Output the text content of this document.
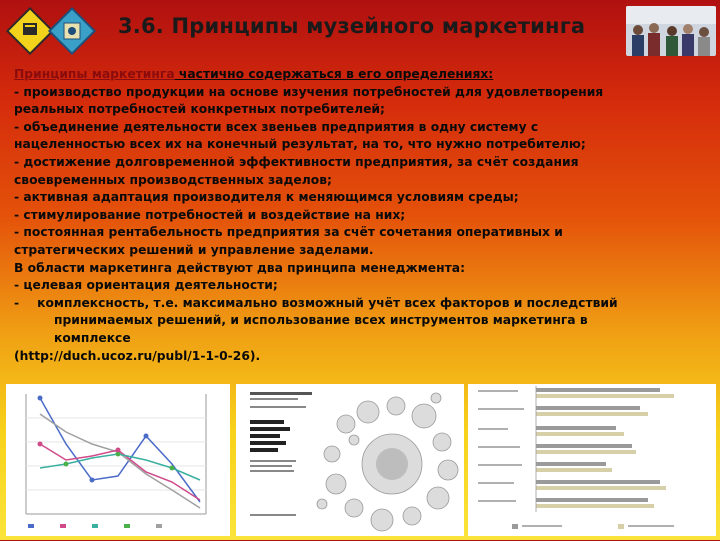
3.6. Принципы музейного маркетинга
Принципы маркетинга частично содержаться в его определениях:
- производство продукции на основе изучения потребностей для удовлетворения
реальных потребностей конкретных потребителей;
- объединение деятельности всех звеньев предприятия в одну систему с
нацеленностью всех их на конечный результат, на то, что нужно потребителю;
- достижение долговременной эффективности предприятия, за счёт создания
своевременных производственных заделов;
- активная адаптация производителя к меняющимся условиям среды;
- стимулирование потребностей и воздействие на них;
- постоянная рентабельность предприятия за счёт сочетания оперативных и
стратегических решений и управление заделами.
В области маркетинга действуют два принципа менеджмента:
- целевая ориентация деятельности;
- комплексность, т.е. максимально возможный учёт всех факторов и последствий
принимаемых решений, и использование всех инструментов маркетинга в
комплексе
(http://duch.ucoz.ru/publ/1-1-0-26).
